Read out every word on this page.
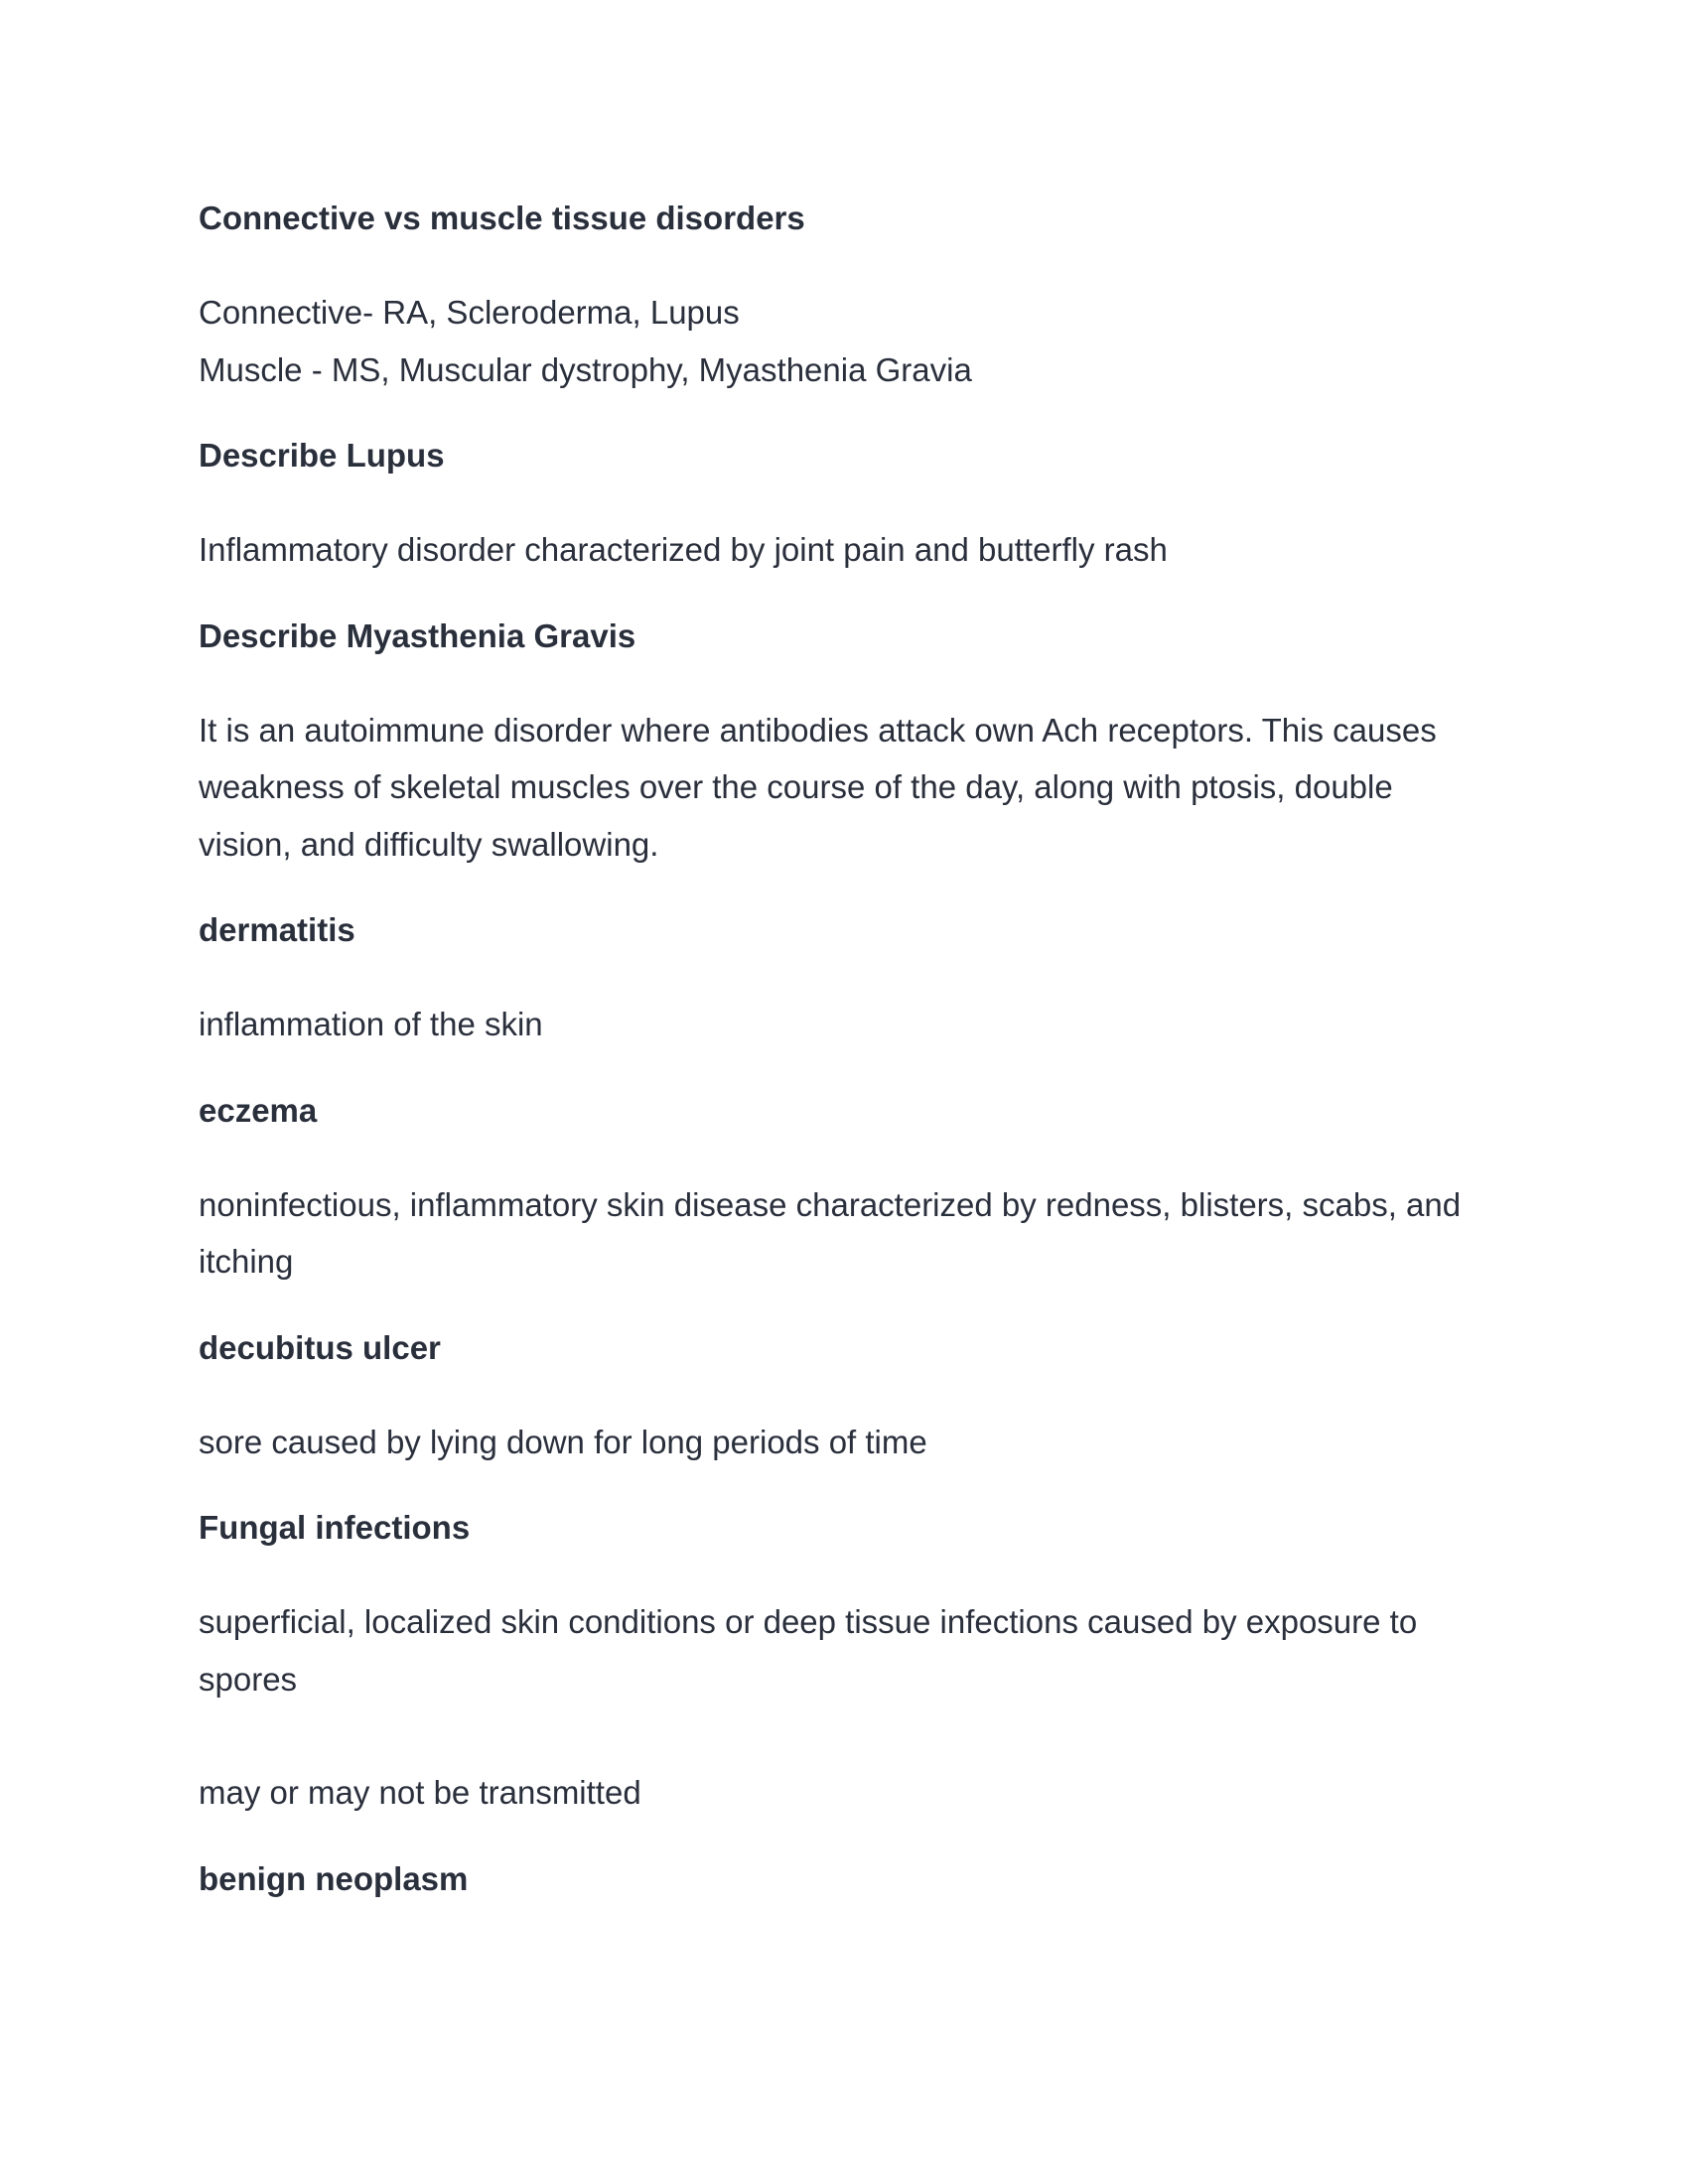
Connective vs muscle tissue disorders

Connective- RA, Scleroderma, Lupus

Muscle - MS, Muscular dystrophy, Myasthenia Gravia

Describe Lupus

Inflammatory disorder characterized by joint pain and butterfly rash

Describe Myasthenia Gravis

It is an autoimmune disorder where antibodies attack own Ach receptors. This causes weakness of skeletal muscles over the course of the day, along with ptosis, double vision, and difficulty swallowing.

dermatitis

inflammation of the skin

eczema

noninfectious, inflammatory skin disease characterized by redness, blisters, scabs, and itching

decubitus ulcer

sore caused by lying down for long periods of time

Fungal infections

superficial, localized skin conditions or deep tissue infections caused by exposure to spores

may or may not be transmitted

benign neoplasm
